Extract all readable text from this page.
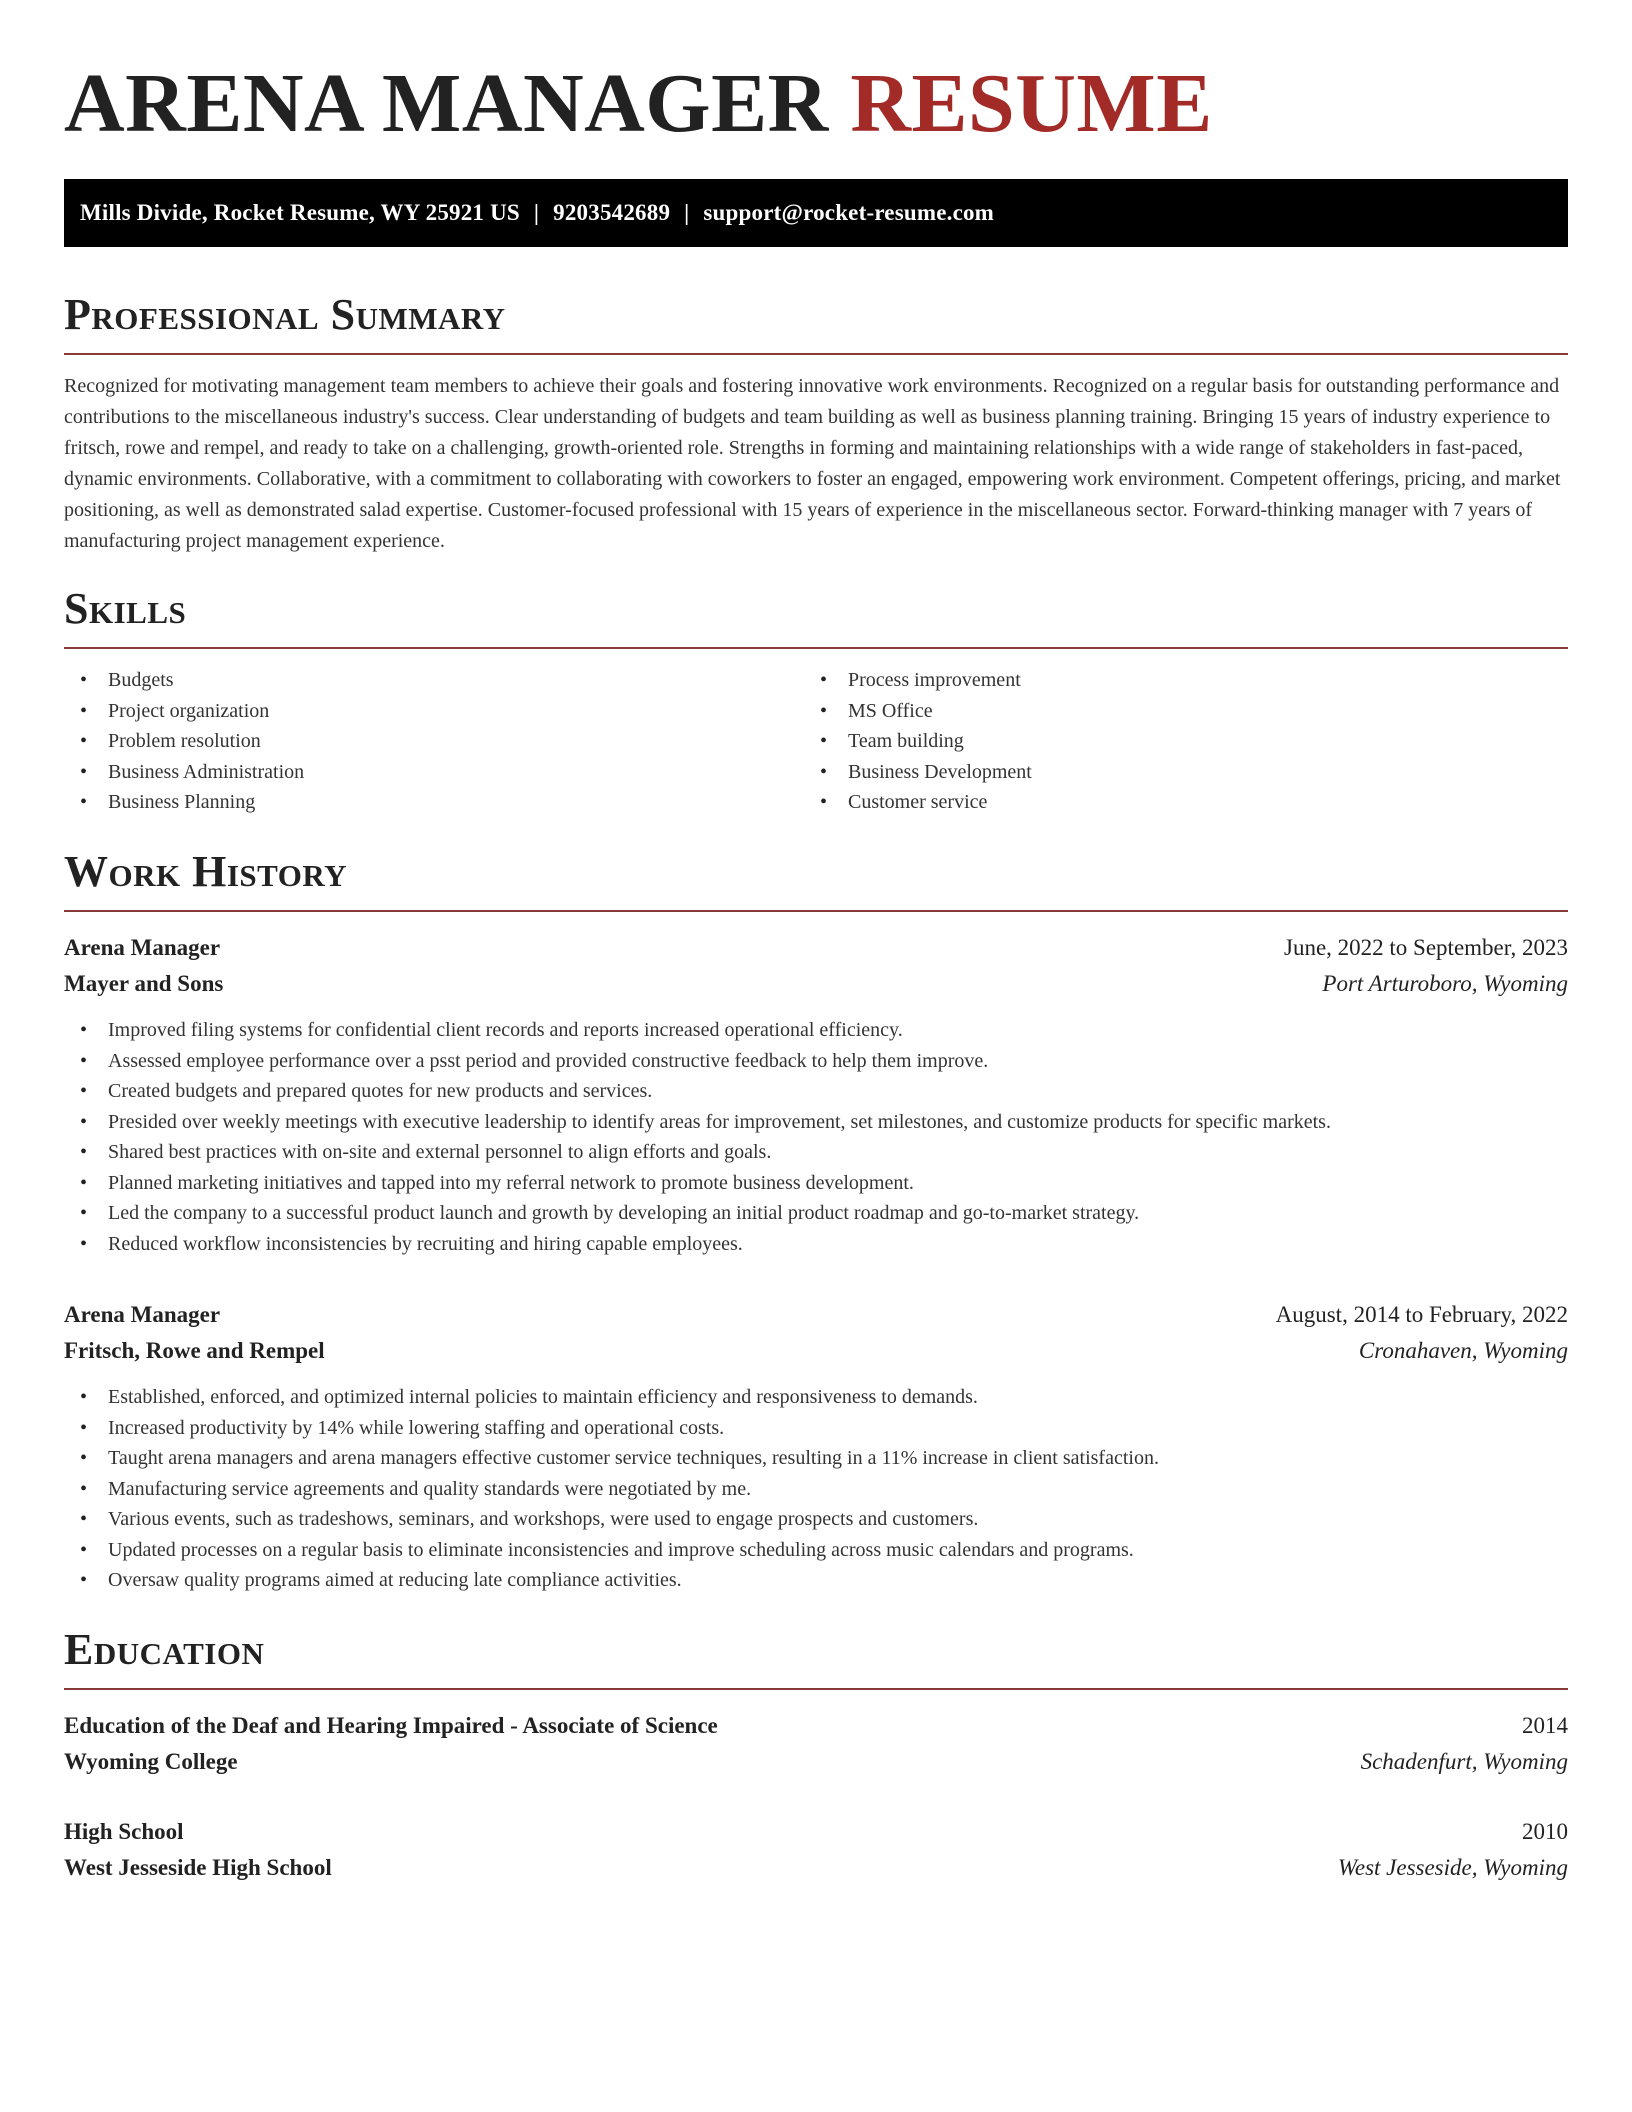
ARENA MANAGER RESUME
Mills Divide, Rocket Resume, WY 25921 US | 9203542689 | support@rocket-resume.com
Professional Summary

Recognized for motivating management team members to achieve their goals and fostering innovative work environments. Recognized on a regular basis for outstanding performance and contributions to the miscellaneous industry's success. Clear understanding of budgets and team building as well as business planning training. Bringing 15 years of industry experience to fritsch, rowe and rempel, and ready to take on a challenging, growth-oriented role. Strengths in forming and maintaining relationships with a wide range of stakeholders in fast-paced, dynamic environments. Collaborative, with a commitment to collaborating with coworkers to foster an engaged, empowering work environment. Competent offerings, pricing, and market positioning, as well as demonstrated salad expertise. Customer-focused professional with 15 years of experience in the miscellaneous sector. Forward-thinking manager with 7 years of manufacturing project management experience.

Skills
• Budgets
• Project organization
• Problem resolution
• Business Administration
• Business Planning
• Process improvement
• MS Office
• Team building
• Business Development
• Customer service
Work History
Arena Manager	June, 2022 to September, 2023
Mayer and Sons	Port Arturoboro, Wyoming
• Improved filing systems for confidential client records and reports increased operational efficiency.
• Assessed employee performance over a psst period and provided constructive feedback to help them improve.
• Created budgets and prepared quotes for new products and services.
• Presided over weekly meetings with executive leadership to identify areas for improvement, set milestones, and customize products for specific markets.
• Shared best practices with on-site and external personnel to align efforts and goals.
• Planned marketing initiatives and tapped into my referral network to promote business development.
• Led the company to a successful product launch and growth by developing an initial product roadmap and go-to-market strategy.
• Reduced workflow inconsistencies by recruiting and hiring capable employees.
Arena Manager	August, 2014 to February, 2022
Fritsch, Rowe and Rempel	Cronahaven, Wyoming
• Established, enforced, and optimized internal policies to maintain efficiency and responsiveness to demands.
• Increased productivity by 14% while lowering staffing and operational costs.
• Taught arena managers and arena managers effective customer service techniques, resulting in a 11% increase in client satisfaction.
• Manufacturing service agreements and quality standards were negotiated by me.
• Various events, such as tradeshows, seminars, and workshops, were used to engage prospects and customers.
• Updated processes on a regular basis to eliminate inconsistencies and improve scheduling across music calendars and programs.
• Oversaw quality programs aimed at reducing late compliance activities.
Education
Education of the Deaf and Hearing Impaired - Associate of Science	2014
Wyoming College	Schadenfurt, Wyoming
High School	2010
West Jesseside High School	West Jesseside, Wyoming
